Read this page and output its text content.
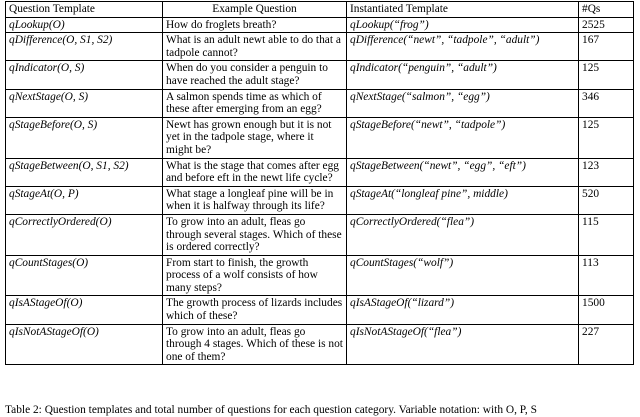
Question Template	Example Question	Instantiated Template	#Qs
qLookup(O)	How do froglets breath?	qLookup(“frog”)	2525
qDifference(O, S1, S2)	What is an adult newt able to do that a tadpole cannot?	qDifference(“newt”, “tadpole”, “adult”)	167
qIndicator(O, S)	When do you consider a penguin to have reached the adult stage?	qIndicator(“penguin”, “adult”)	125
qNextStage(O, S)	A salmon spends time as which of these after emerging from an egg?	qNextStage(“salmon”, “egg”)	346
qStageBefore(O, S)	Newt has grown enough but it is not yet in the tadpole stage, where it might be?	qStageBefore(“newt”, “tadpole”)	125
qStageBetween(O, S1, S2)	What is the stage that comes after egg and before eft in the newt life cycle?	qStageBetween(“newt”, “egg”, “eft”)	123
qStageAt(O, P)	What stage a longleaf pine will be in when it is halfway through its life?	qStageAt(“longleaf pine”, middle)	520
qCorrectlyOrdered(O)	To grow into an adult, fleas go through several stages. Which of these is ordered correctly?	qCorrectlyOrdered(“flea”)	115
qCountStages(O)	From start to finish, the growth process of a wolf consists of how many steps?	qCountStages(“wolf”)	113
qIsAStageOf(O)	The growth process of lizards includes which of these?	qIsAStageOf(“lizard”)	1500
qIsNotAStageOf(O)	To grow into an adult, fleas go through 4 stages. Which of these is not one of them?	qIsNotAStageOf(“flea”)	227
Table 2: Question templates and total number of questions for each question category. Variable notation: with O, P, S
